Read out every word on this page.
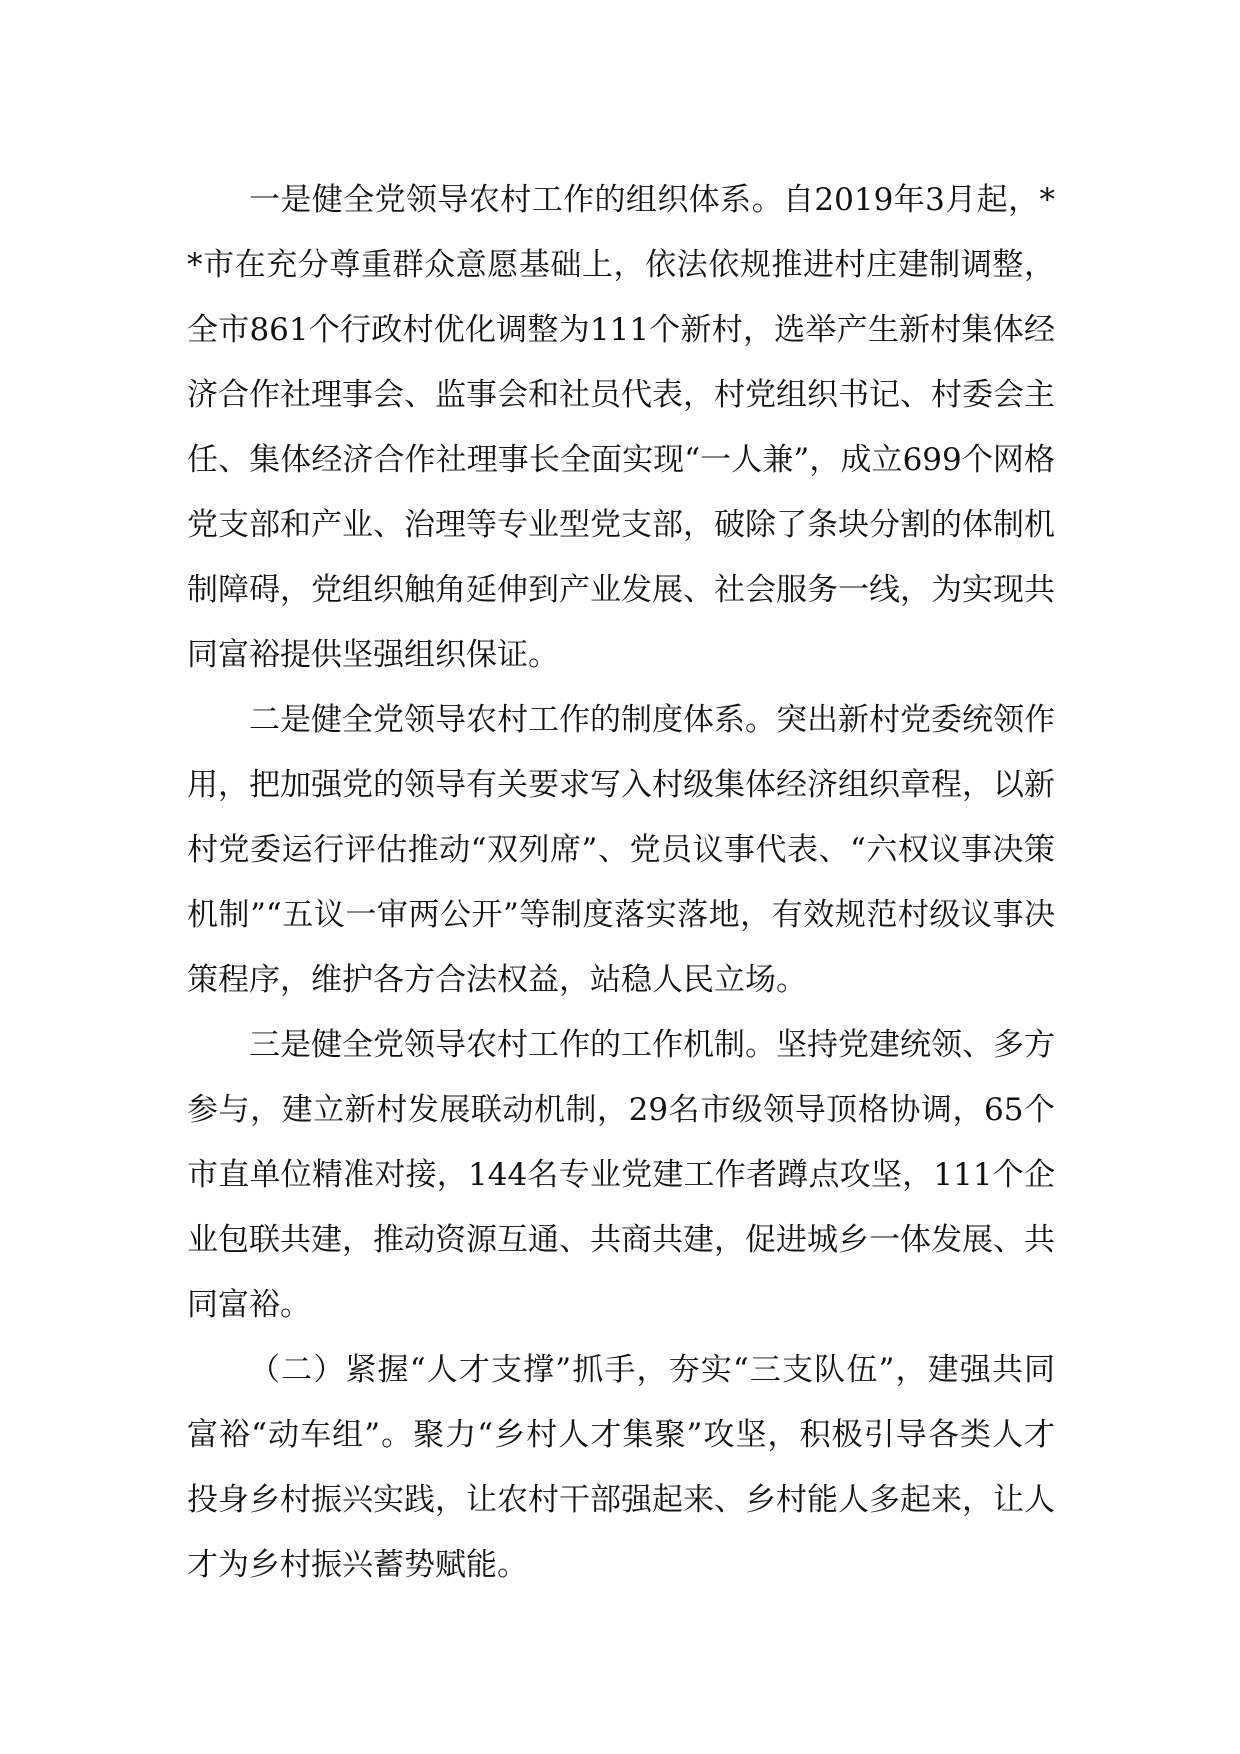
一是健全党领导农村工作的组织体系。自2019年3月起，**市在充分尊重群众意愿基础上，依法依规推进村庄建制调整，全市861个行政村优化调整为111个新村，选举产生新村集体经济合作社理事会、监事会和社员代表，村党组织书记、村委会主任、集体经济合作社理事长全面实现“一人兼”，成立699个网格党支部和产业、治理等专业型党支部，破除了条块分割的体制机制障碍，党组织触角延伸到产业发展、社会服务一线，为实现共同富裕提供坚强组织保证。

二是健全党领导农村工作的制度体系。突出新村党委统领作用，把加强党的领导有关要求写入村级集体经济组织章程，以新村党委运行评估推动“双列席”、党员议事代表、“六权议事决策机制”“五议一审两公开”等制度落实落地，有效规范村级议事决策程序，维护各方合法权益，站稳人民立场。

三是健全党领导农村工作的工作机制。坚持党建统领、多方参与，建立新村发展联动机制，29名市级领导顶格协调，65个市直单位精准对接，144名专业党建工作者蹲点攻坚，111个企业包联共建，推动资源互通、共商共建，促进城乡一体发展、共同富裕。

（二）紧握“人才支撑”抓手，夯实“三支队伍”，建强共同富裕“动车组”。聚力“乡村人才集聚”攻坚，积极引导各类人才投身乡村振兴实践，让农村干部强起来、乡村能人多起来，让人才为乡村振兴蓄势赋能。
